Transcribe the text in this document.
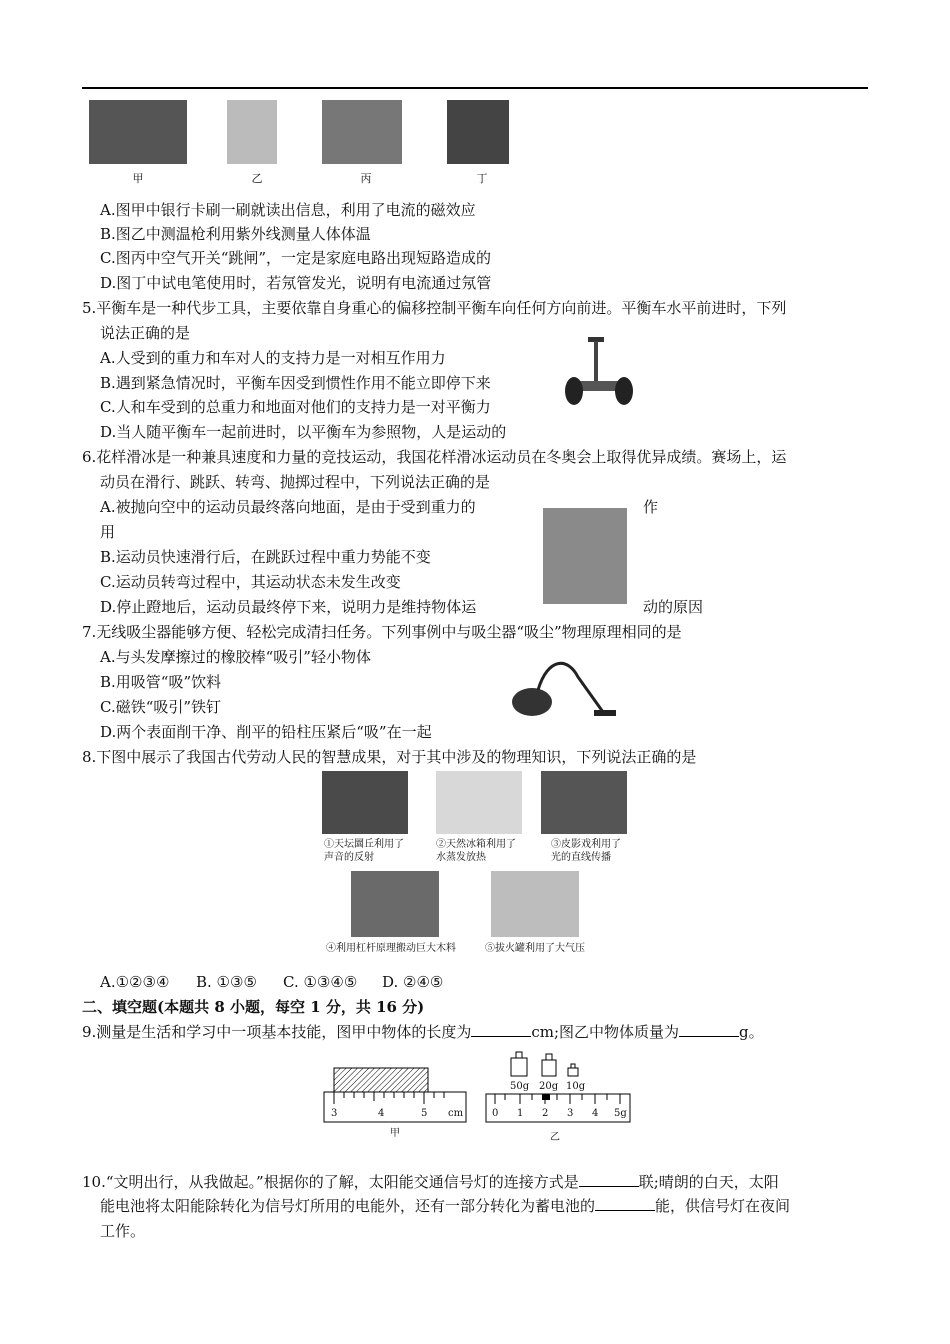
甲	乙	丙	丁
A.图甲中银行卡刷一刷就读出信息，利用了电流的磁效应
B.图乙中测温枪利用紫外线测量人体体温
C.图丙中空气开关“跳闸”，一定是家庭电路出现短路造成的
D.图丁中试电笔使用时，若氖管发光，说明有电流通过氖管
5.平衡车是一种代步工具，主要依靠自身重心的偏移控制平衡车向任何方向前进。平衡车水平前进时，下列
说法正确的是
A.人受到的重力和车对人的支持力是一对相互作用力
B.遇到紧急情况时，平衡车因受到惯性作用不能立即停下来
C.人和车受到的总重力和地面对他们的支持力是一对平衡力
D.当人随平衡车一起前进时，以平衡车为参照物，人是运动的
6.花样滑冰是一种兼具速度和力量的竞技运动，我国花样滑冰运动员在冬奥会上取得优异成绩。赛场上，运
动员在滑行、跳跃、转弯、抛掷过程中，下列说法正确的是
A.被抛向空中的运动员最终落向地面，是由于受到重力的	作
用
B.运动员快速滑行后，在跳跃过程中重力势能不变
C.运动员转弯过程中，其运动状态未发生改变
D.停止蹬地后，运动员最终停下来，说明力是维持物体运	动的原因
7.无线吸尘器能够方便、轻松完成清扫任务。下列事例中与吸尘器“吸尘”物理原理相同的是
A.与头发摩擦过的橡胶棒“吸引”轻小物体
B.用吸管“吸”饮料
C.磁铁“吸引”铁钉
D.两个表面削干净、削平的铅柱压紧后“吸”在一起
8.下图中展示了我国古代劳动人民的智慧成果，对于其中涉及的物理知识，下列说法正确的是
①天坛圜丘利用了
声音的反射
②天然冰箱利用了
水蒸发放热
③皮影戏利用了
光的直线传播
④利用杠杆原理搬动巨大木料	⑤拔火罐利用了大气压
A.①②③④ B. ①③⑤ C. ①③④⑤ D. ②④⑤
二、填空题(本题共 8 小题，每空 1 分，共 16 分)
9.测量是生活和学习中一项基本技能，图甲中物体的长度为	cm;图乙中物体质量为	g。
3	4	5 cm
甲
50g 20g 10g
0 1 2 3 4 5g
乙
10.“文明出行，从我做起。”根据你的了解，太阳能交通信号灯的连接方式是	联;晴朗的白天，太阳
能电池将太阳能除转化为信号灯所用的电能外，还有一部分转化为蓄电池的	能，供信号灯在夜间
工作。
